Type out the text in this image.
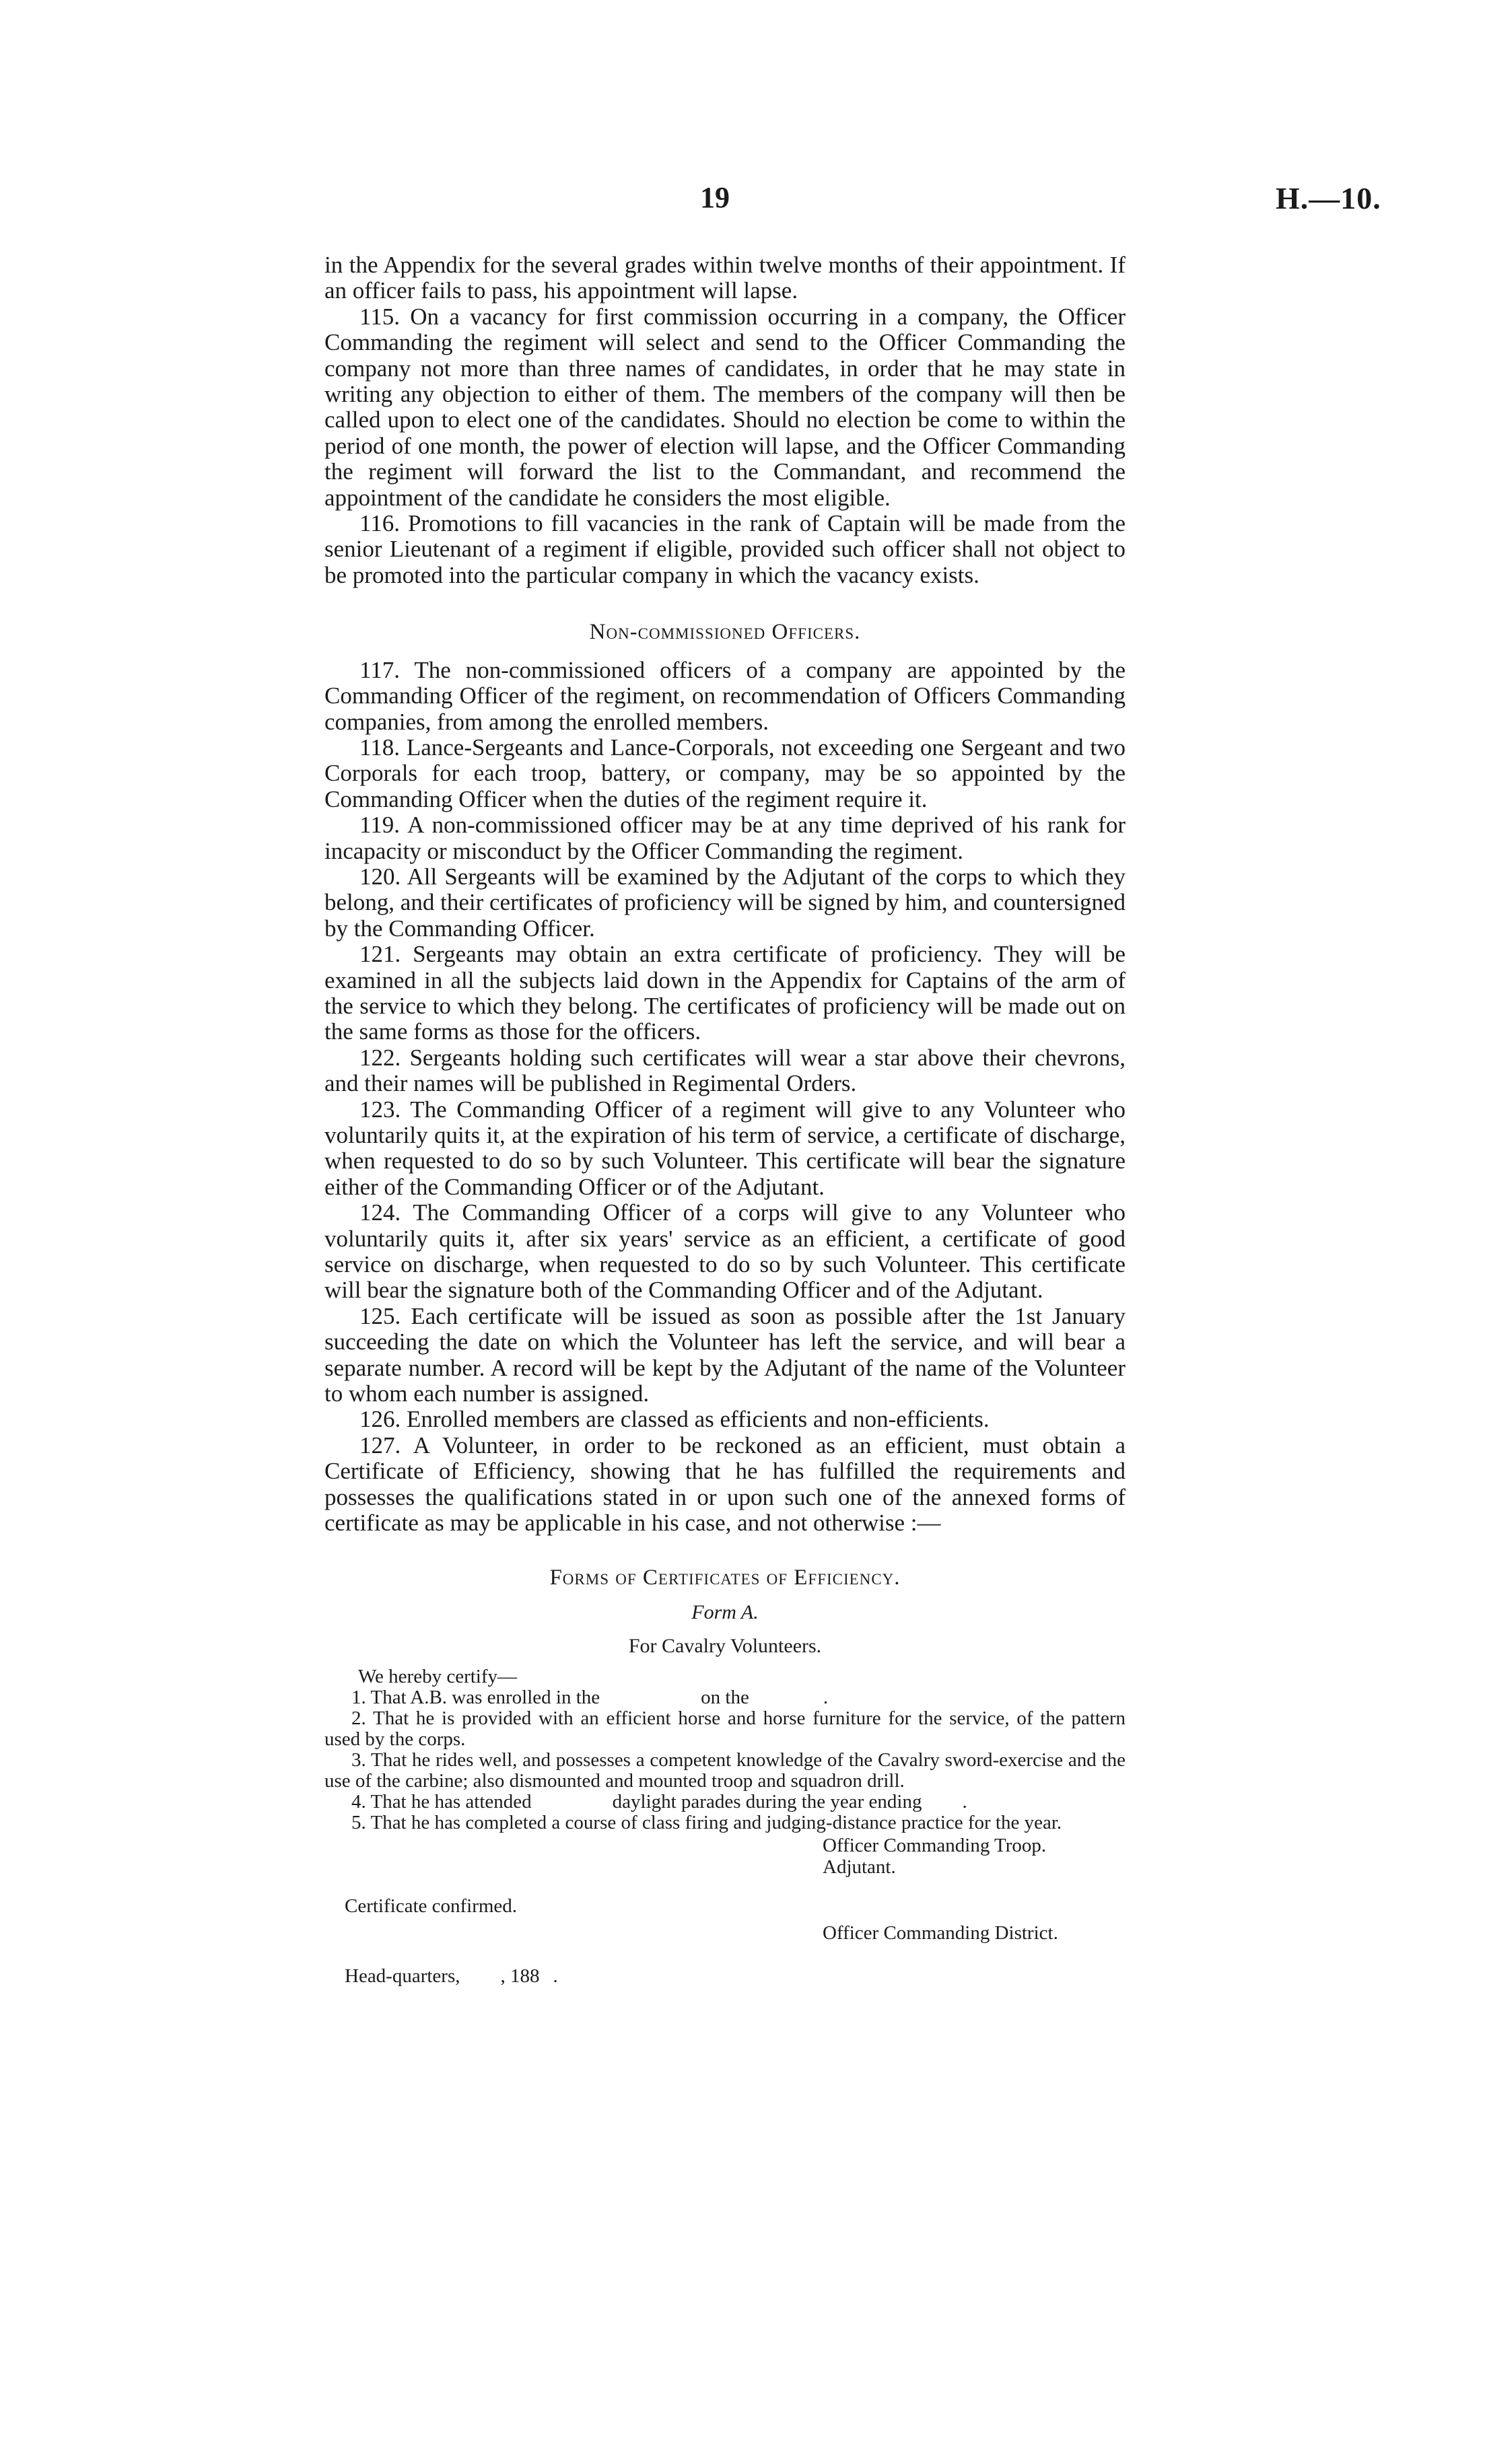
19	H.—10.

in the Appendix for the several grades within twelve months of their appointment. If an officer fails to pass, his appointment will lapse.

115. On a vacancy for first commission occurring in a company, the Officer Commanding the regiment will select and send to the Officer Commanding the company not more than three names of candidates, in order that he may state in writing any objection to either of them. The members of the company will then be called upon to elect one of the candidates. Should no election be come to within the period of one month, the power of election will lapse, and the Officer Commanding the regiment will forward the list to the Commandant, and recommend the appointment of the candidate he considers the most eligible.

116. Promotions to fill vacancies in the rank of Captain will be made from the senior Lieutenant of a regiment if eligible, provided such officer shall not object to be promoted into the particular company in which the vacancy exists.

Non-commissioned Officers.

117. The non-commissioned officers of a company are appointed by the Commanding Officer of the regiment, on recommendation of Officers Commanding companies, from among the enrolled members.

118. Lance-Sergeants and Lance-Corporals, not exceeding one Sergeant and two Corporals for each troop, battery, or company, may be so appointed by the Commanding Officer when the duties of the regiment require it.

119. A non-commissioned officer may be at any time deprived of his rank for incapacity or misconduct by the Officer Commanding the regiment.

120. All Sergeants will be examined by the Adjutant of the corps to which they belong, and their certificates of proficiency will be signed by him, and countersigned by the Commanding Officer.

121. Sergeants may obtain an extra certificate of proficiency. They will be examined in all the subjects laid down in the Appendix for Captains of the arm of the service to which they belong. The certificates of proficiency will be made out on the same forms as those for the officers.

122. Sergeants holding such certificates will wear a star above their chevrons, and their names will be published in Regimental Orders.

123. The Commanding Officer of a regiment will give to any Volunteer who voluntarily quits it, at the expiration of his term of service, a certificate of discharge, when requested to do so by such Volunteer. This certificate will bear the signature either of the Commanding Officer or of the Adjutant.

124. The Commanding Officer of a corps will give to any Volunteer who voluntarily quits it, after six years' service as an efficient, a certificate of good service on discharge, when requested to do so by such Volunteer. This certificate will bear the signature both of the Commanding Officer and of the Adjutant.

125. Each certificate will be issued as soon as possible after the 1st January succeeding the date on which the Volunteer has left the service, and will bear a separate number. A record will be kept by the Adjutant of the name of the Volunteer to whom each number is assigned.

126. Enrolled members are classed as efficients and non-efficients.

127. A Volunteer, in order to be reckoned as an efficient, must obtain a Certificate of Efficiency, showing that he has fulfilled the requirements and possesses the qualifications stated in or upon such one of the annexed forms of certificate as may be applicable in his case, and not otherwise :—

Forms of Certificates of Efficiency.

Form A.
For Cavalry Volunteers.

We hereby certify—

1. That A.B. was enrolled in the	on the	.

2. That he is provided with an efficient horse and horse furniture for the service, of the pattern used by the corps.

3. That he rides well, and possesses a competent knowledge of the Cavalry sword-exercise and the use of the carbine; also dismounted and mounted troop and squadron drill.

4. That he has attended	daylight parades during the year ending .

5. That he has completed a course of class firing and judging-distance practice for the year.

Officer Commanding Troop.
Adjutant.
Certificate confirmed.
Officer Commanding District.
Head-quarters, , 188 .
